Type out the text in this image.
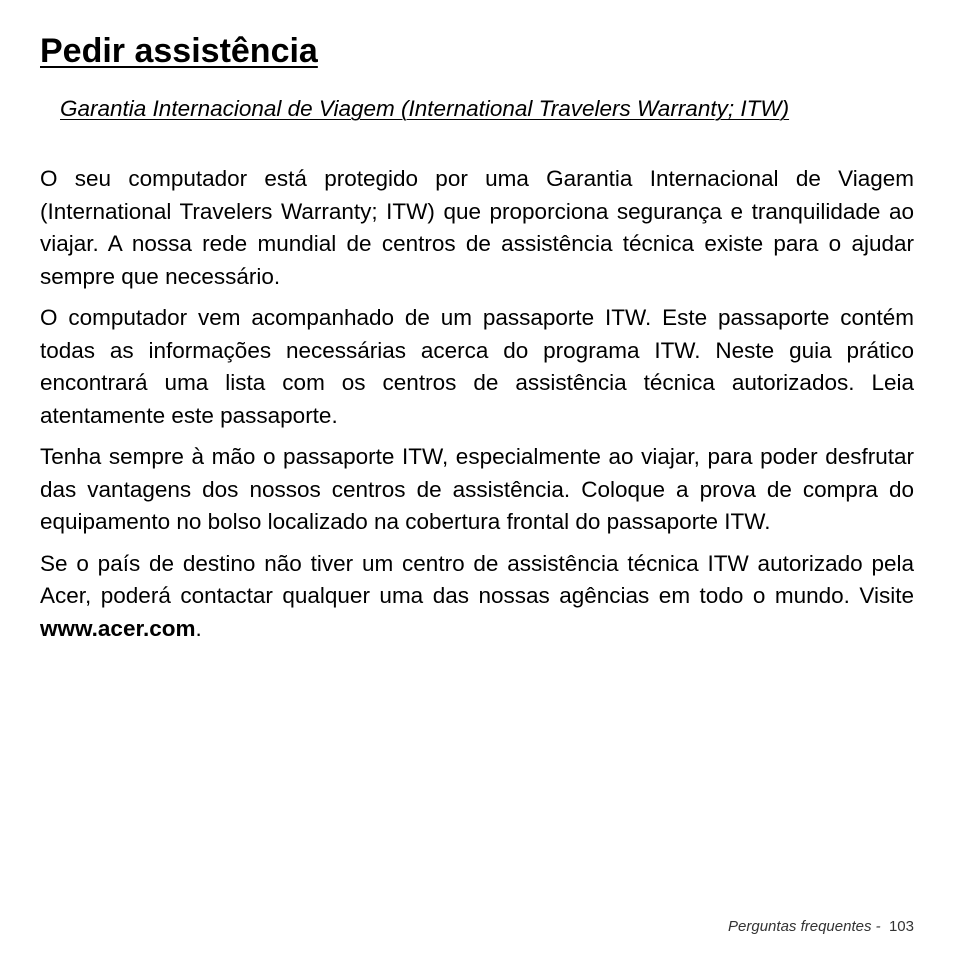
Pedir assistência
Garantia Internacional de Viagem (International Travelers Warranty; ITW)

O seu computador está protegido por uma Garantia Internacional de Viagem (International Travelers Warranty; ITW) que proporciona segurança e tranquilidade ao viajar. A nossa rede mundial de centros de assistência técnica existe para o ajudar sempre que necessário.

O computador vem acompanhado de um passaporte ITW. Este passaporte contém todas as informações necessárias acerca do programa ITW. Neste guia prático encontrará uma lista com os centros de assistência técnica autorizados. Leia atentamente este passaporte.

Tenha sempre à mão o passaporte ITW, especialmente ao viajar, para poder desfrutar das vantagens dos nossos centros de assistência. Coloque a prova de compra do equipamento no bolso localizado na cobertura frontal do passaporte ITW.

Se o país de destino não tiver um centro de assistência técnica ITW autorizado pela Acer, poderá contactar qualquer uma das nossas agências em todo o mundo. Visite www.acer.com.

Perguntas frequentes - 103
